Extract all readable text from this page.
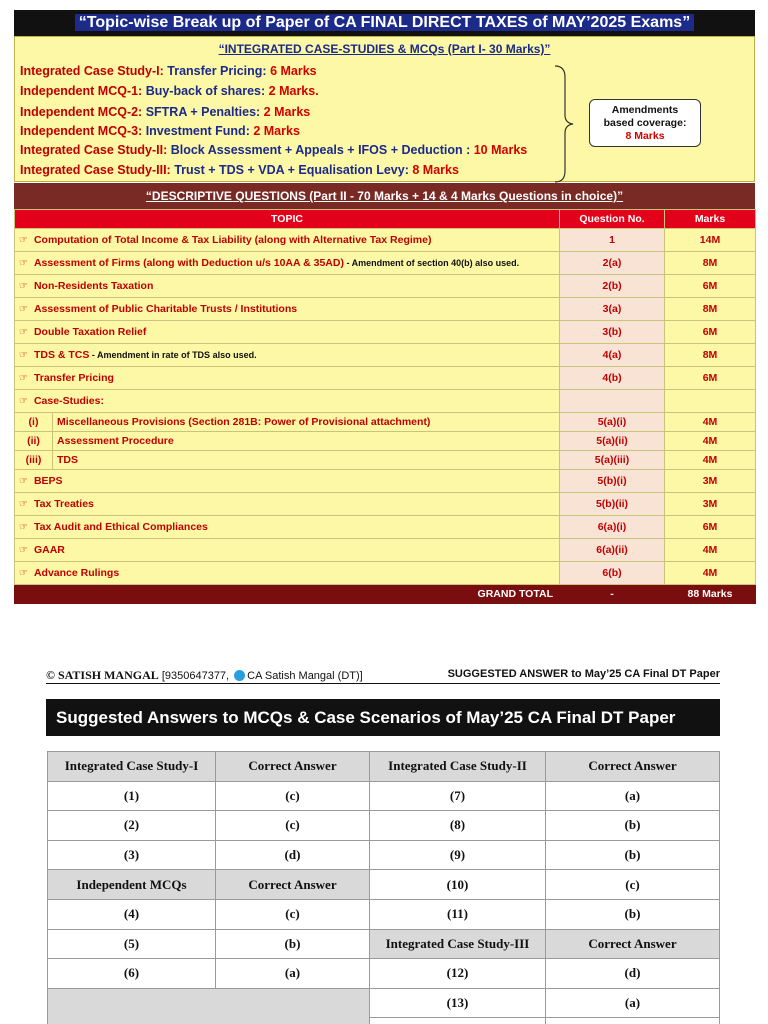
“Topic-wise Break up of Paper of CA FINAL DIRECT TAXES of MAY’2025 Exams”
“INTEGRATED CASE-STUDIES & MCQs (Part I- 30 Marks)”
Integrated Case Study-I: Transfer Pricing: 6 Marks
Independent MCQ-1: Buy-back of shares: 2 Marks.
Independent MCQ-2: SFTRA + Penalties: 2 Marks
Independent MCQ-3: Investment Fund: 2 Marks
Integrated Case Study-II: Block Assessment + Appeals + IFOS + Deduction : 10 Marks
Integrated Case Study-III: Trust + TDS + VDA + Equalisation Levy: 8 Marks
Amendments
based coverage:
8 Marks
“DESCRIPTIVE QUESTIONS (Part II - 70 Marks + 14 & 4 Marks Questions in choice)”
TOPIC		Question No.	Marks
☞ Computation of Total Income & Tax Liability (along with Alternative Tax Regime)		1	14M
☞ Assessment of Firms (along with Deduction u/s 10AA & 35AD) - Amendment of section 40(b) also used.		2(a)	8M
☞ Non-Residents Taxation		2(b)	6M
☞ Assessment of Public Charitable Trusts / Institutions		3(a)	8M
☞ Double Taxation Relief		3(b)	6M
☞ TDS & TCS - Amendment in rate of TDS also used.		4(a)	8M
☞ Transfer Pricing		4(b)	6M
☞ Case-Studies:			
(i)	Miscellaneous Provisions (Section 281B: Power of Provisional attachment)	5(a)(i)	4M
(ii)	Assessment Procedure	5(a)(ii)	4M
(iii)	TDS	5(a)(iii)	4M
☞ BEPS		5(b)(i)	3M
☞ Tax Treaties		5(b)(ii)	3M
☞ Tax Audit and Ethical Compliances		6(a)(i)	6M
☞ GAAR		6(a)(ii)	4M
☞ Advance Rulings		6(b)	4M
GRAND TOTAL		-	88 Marks
© SATISH MANGAL [9350647377, CA Satish Mangal (DT)]	SUGGESTED ANSWER to May’25 CA Final DT Paper
Suggested Answers to MCQs & Case Scenarios of May’25 CA Final DT Paper
Integrated Case Study-I	Correct Answer	Integrated Case Study-II	Correct Answer
(1)	(c)	(7)	(a)
(2)	(c)	(8)	(b)
(3)	(d)	(9)	(b)
Independent MCQs	Correct Answer	(10)	(c)
(4)	(c)	(11)	(b)
(5)	(b)	Integrated Case Study-III	Correct Answer
(6)	(a)	(12)	(d)
		(13)	(a)
